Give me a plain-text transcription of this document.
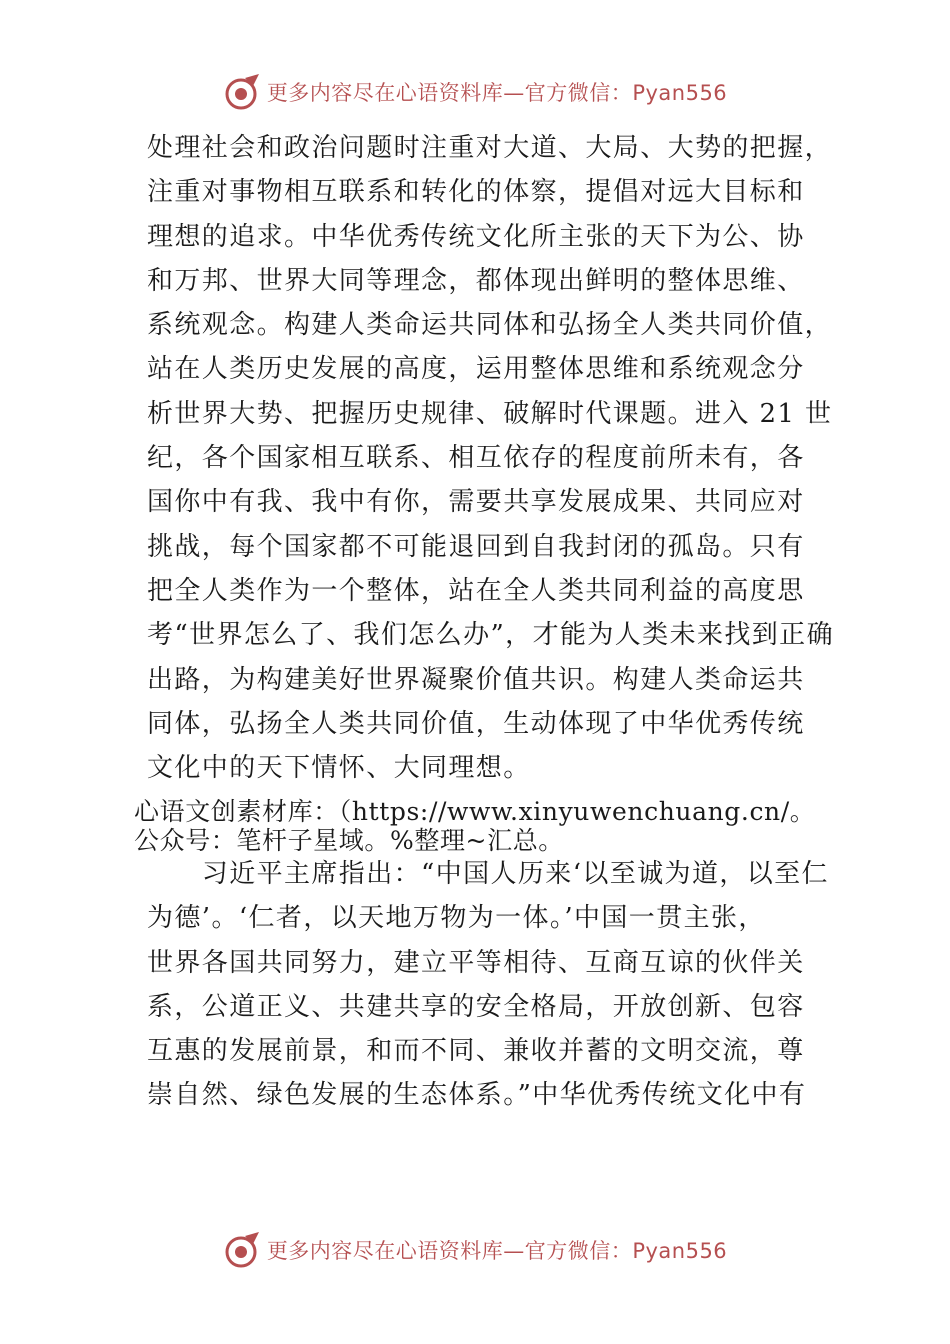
更多内容尽在心语资料库—官方微信：Pyan556
处理社会和政治问题时注重对大道、大局、大势的把握，
注重对事物相互联系和转化的体察，提倡对远大目标和
理想的追求。中华优秀传统文化所主张的天下为公、协
和万邦、世界大同等理念，都体现出鲜明的整体思维、
系统观念。构建人类命运共同体和弘扬全人类共同价值，
站在人类历史发展的高度，运用整体思维和系统观念分
析世界大势、把握历史规律、破解时代课题。进入 21 世
纪，各个国家相互联系、相互依存的程度前所未有，各
国你中有我、我中有你，需要共享发展成果、共同应对
挑战，每个国家都不可能退回到自我封闭的孤岛。只有
把全人类作为一个整体，站在全人类共同利益的高度思
考“世界怎么了、我们怎么办”，才能为人类未来找到正确
出路，为构建美好世界凝聚价值共识。构建人类命运共
同体，弘扬全人类共同价值，生动体现了中华优秀传统
文化中的天下情怀、大同理想。
心语文创素材库：（https://www.xinyuwenchuang.cn/。
公众号：笔杆子星域。%整理~汇总。
　　习近平主席指出：“中国人历来‘以至诚为道，以至仁
为德’。‘仁者，以天地万物为一体。’中国一贯主张，
世界各国共同努力，建立平等相待、互商互谅的伙伴关
系，公道正义、共建共享的安全格局，开放创新、包容
互惠的发展前景，和而不同、兼收并蓄的文明交流，尊
崇自然、绿色发展的生态体系。”中华优秀传统文化中有
更多内容尽在心语资料库—官方微信：Pyan556
